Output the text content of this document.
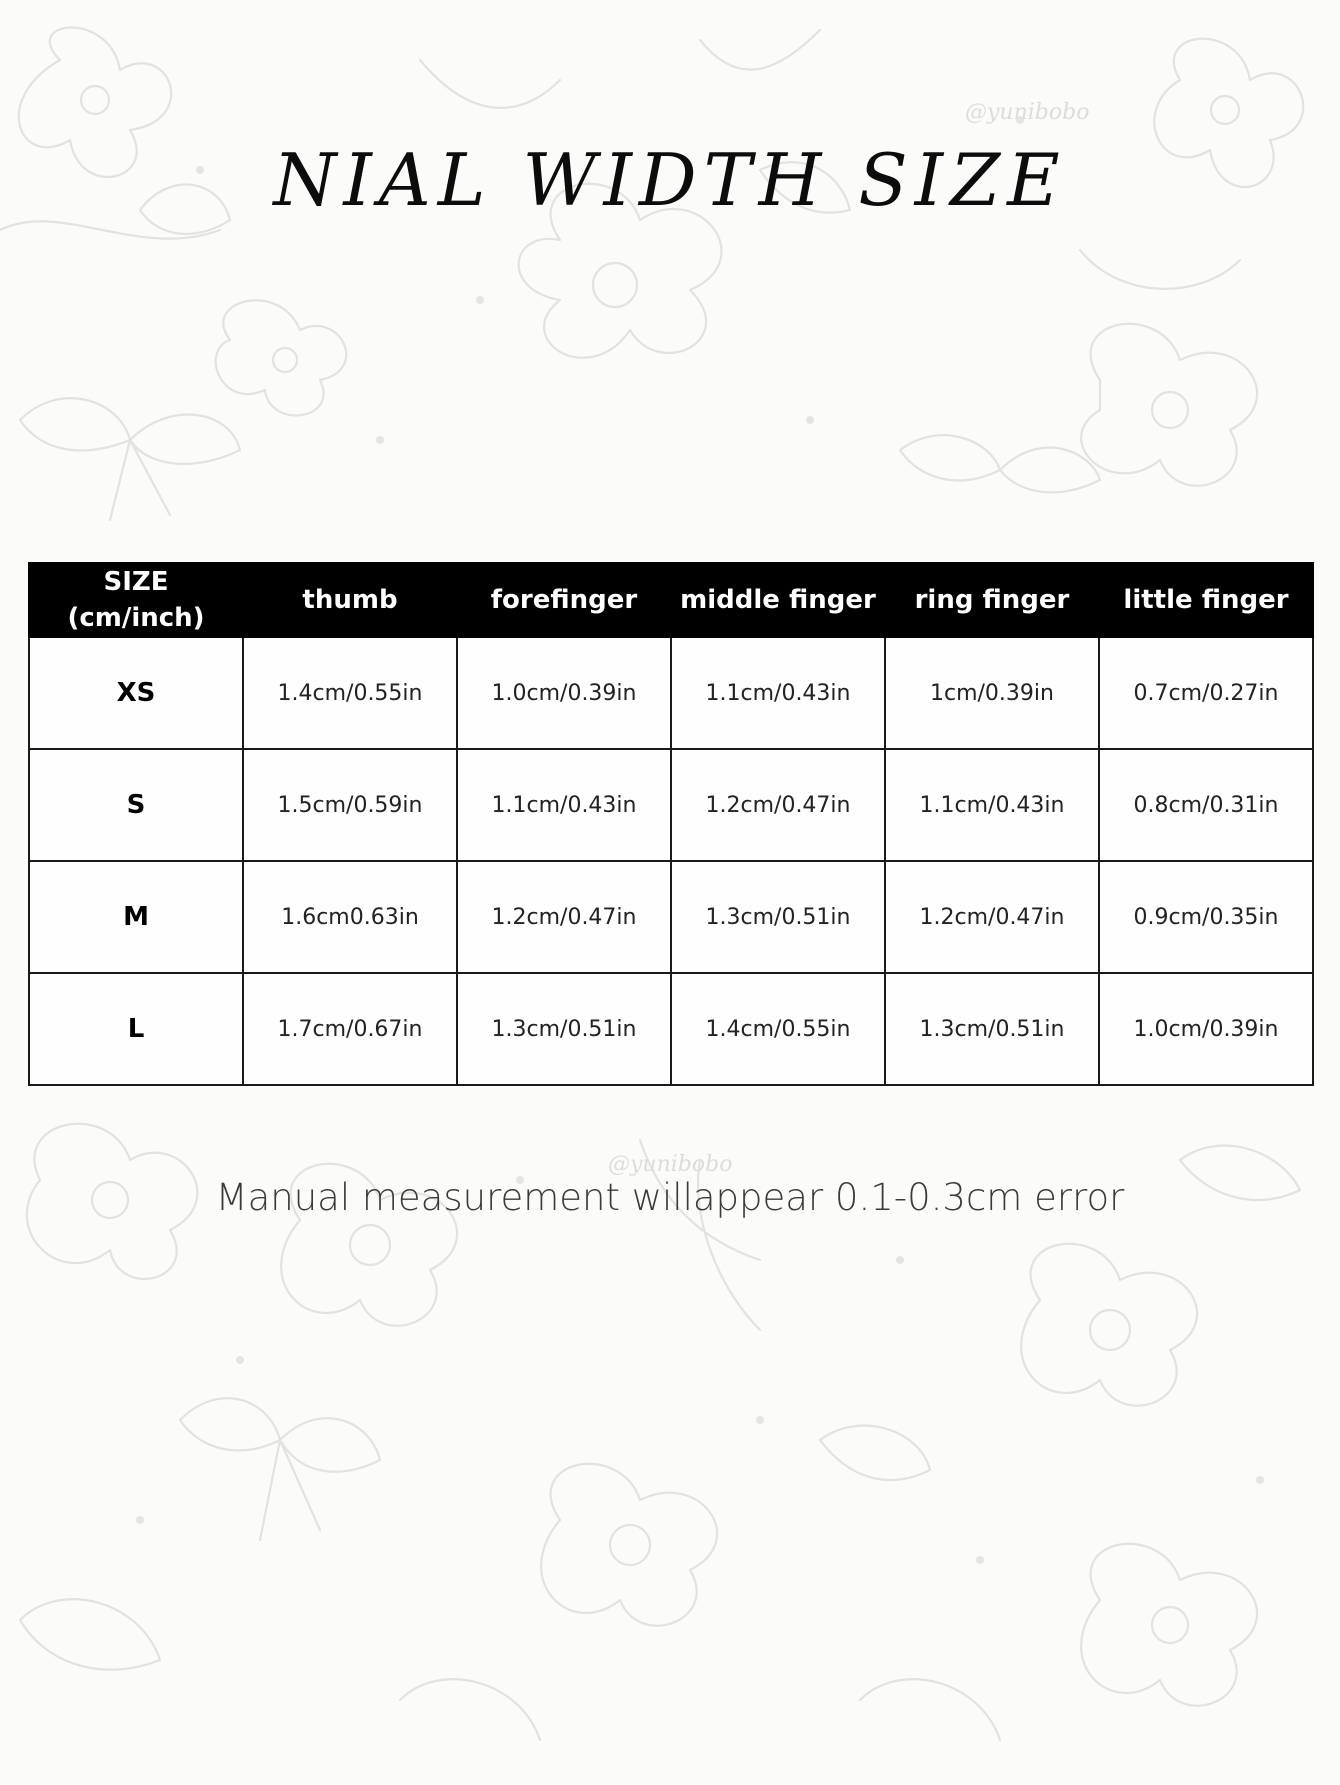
@yunibobo
@yunibobo
NIAL WIDTH SIZE
SIZE
(cm/inch)	thumb	forefinger	middle finger	ring finger	little finger
XS	1.4cm/0.55in	1.0cm/0.39in	1.1cm/0.43in	1cm/0.39in	0.7cm/0.27in
S	1.5cm/0.59in	1.1cm/0.43in	1.2cm/0.47in	1.1cm/0.43in	0.8cm/0.31in
M	1.6cm0.63in	1.2cm/0.47in	1.3cm/0.51in	1.2cm/0.47in	0.9cm/0.35in
L	1.7cm/0.67in	1.3cm/0.51in	1.4cm/0.55in	1.3cm/0.51in	1.0cm/0.39in

Manual measurement willappear 0.1-0.3cm error
